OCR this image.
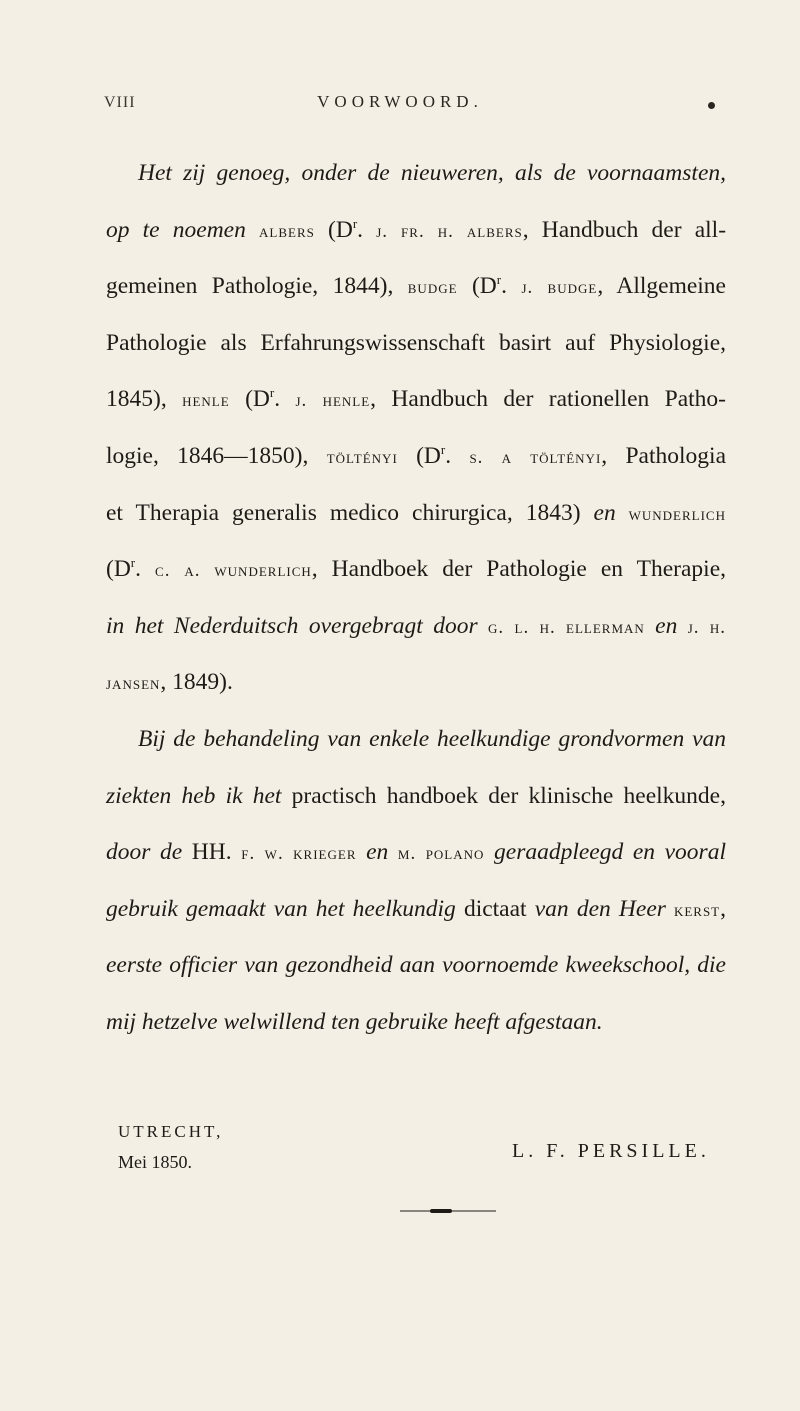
VIII	VOORWOORD.
Het zij genoeg, onder de nieuweren, als de voornaamsten,
op te noemen albers ($D^r$. j. fr. h. albers, Handbuch der all-
gemeinen Pathologie, 1844), budge ($D^r$. j. budge, Allgemeine
Pathologie als Erfahrungswissenschaft basirt auf Physiologie,
1845), henle ($D^r$. j. henle, Handbuch der rationellen Patho-
logie, 1846—1850), töltényi ($D^r$. s. a töltényi, Pathologia
et Therapia generalis medico chirurgica, 1843) en wunderlich
($D^r$. c. a. wunderlich, Handboek der Pathologie en Therapie,
in het Nederduitsch overgebragt door g. l. h. ellerman en j. h.
jansen, 1849).
Bij de behandeling van enkele heelkundige grondvormen van
ziekten heb ik het practisch handboek der klinische heelkunde,
door de HH. f. w. krieger en m. polano geraadpleegd en vooral
gebruik gemaakt van het heelkundig dictaat van den Heer kerst,
eerste officier van gezondheid aan voornoemde kweekschool, die
mij hetzelve welwillend ten gebruike heeft afgestaan.
UTRECHT,
Mei 1850.	L. F. PERSILLE.
